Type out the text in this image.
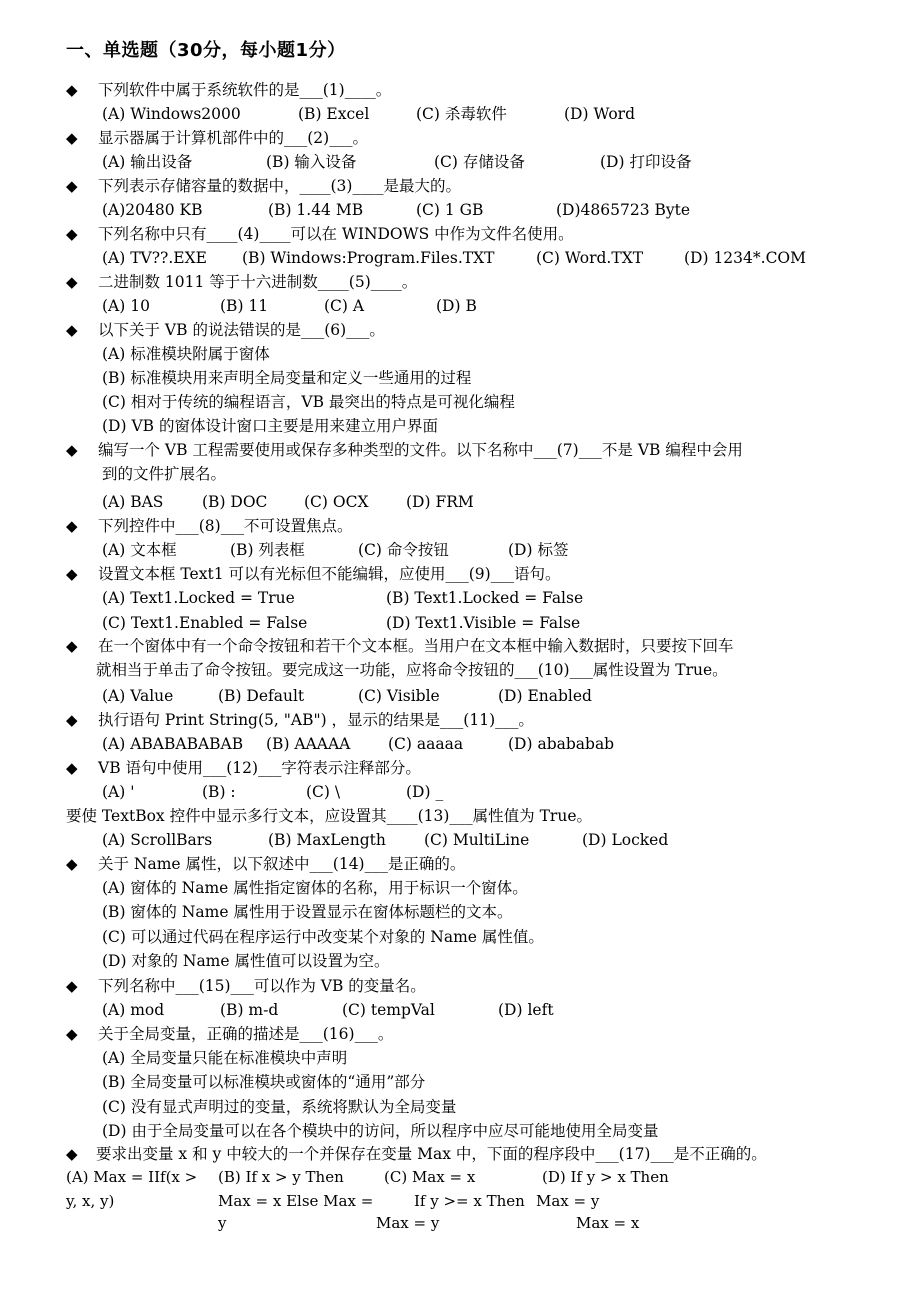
一、单选题（30分，每小题1分）
◆	下列软件中属于系统软件的是___(1)____。
(A) Windows2000	(B) Excel	(C) 杀毒软件	(D) Word
◆	显示器属于计算机部件中的___(2)___。
(A) 输出设备	(B) 输入设备	(C) 存储设备	(D) 打印设备
◆	下列表示存储容量的数据中，____(3)____是最大的。
(A)20480 KB	(B) 1.44 MB	(C) 1 GB	(D)4865723 Byte
◆	下列名称中只有____(4)____可以在 WINDOWS 中作为文件名使用。
(A) TV??.EXE (B) Windows:Program.Files.TXT	(C) Word.TXT	(D) 1234*.COM
◆	二进制数 1011 等于十六进制数____(5)____。
(A) 10	(B) 11	(C) A	(D) B
◆	以下关于 VB 的说法错误的是___(6)___。
(A) 标准模块附属于窗体
(B) 标准模块用来声明全局变量和定义一些通用的过程
(C) 相对于传统的编程语言，VB 最突出的特点是可视化编程
(D) VB 的窗体设计窗口主要是用来建立用户界面
◆	编写一个 VB 工程需要使用或保存多种类型的文件。以下名称中___(7)___不是 VB 编程中会用
到的文件扩展名。
(A) BAS (B) DOC (C) OCX (D) FRM
◆	下列控件中___(8)___不可设置焦点。
(A) 文本框	(B) 列表框	(C) 命令按钮	(D) 标签
◆	设置文本框 Text1 可以有光标但不能编辑，应使用___(9)___语句。
(A) Text1.Locked = True	(B) Text1.Locked = False
(C) Text1.Enabled = False	(D) Text1.Visible = False
◆	在一个窗体中有一个命令按钮和若干个文本框。当用户在文本框中输入数据时，只要按下回车
就相当于单击了命令按钮。要完成这一功能，应将命令按钮的___(10)___属性设置为 True。
(A) Value	(B) Default	(C) Visible	(D) Enabled
◆	执行语句 Print String(5, "AB") ，显示的结果是___(11)___。
(A) ABABABABAB (B) AAAAA (C) aaaaa	(D) abababab
◆	VB 语句中使用___(12)___字符表示注释部分。
(A) '	(B) :	(C) \	(D) _
要使 TextBox 控件中显示多行文本，应设置其____(13)___属性值为 True。
(A) ScrollBars	(B) MaxLength (C) MultiLine	(D) Locked
◆	关于 Name 属性，以下叙述中___(14)___是正确的。
(A) 窗体的 Name 属性指定窗体的名称，用于标识一个窗体。
(B) 窗体的 Name 属性用于设置显示在窗体标题栏的文本。
(C) 可以通过代码在程序运行中改变某个对象的 Name 属性值。
(D) 对象的 Name 属性值可以设置为空。
◆	下列名称中___(15)___可以作为 VB 的变量名。
(A) mod	(B) m-d	(C) tempVal	(D) left
◆	关于全局变量，正确的描述是___(16)___。
(A) 全局变量只能在标准模块中声明
(B) 全局变量可以标准模块或窗体的“通用”部分
(C) 没有显式声明过的变量，系统将默认为全局变量
(D) 由于全局变量可以在各个模块中的访问，所以程序中应尽可能地使用全局变量
◆	要求出变量 x 和 y 中较大的一个并保存在变量 Max 中，下面的程序段中___(17)___是不正确的。
(A) Max = IIf(x >
y, x, y)
(B) If x > y Then
Max = x Else Max =
y
(C) Max = x
If y >= x Then
Max = y
(D) If y > x Then
Max = y
Max = x
